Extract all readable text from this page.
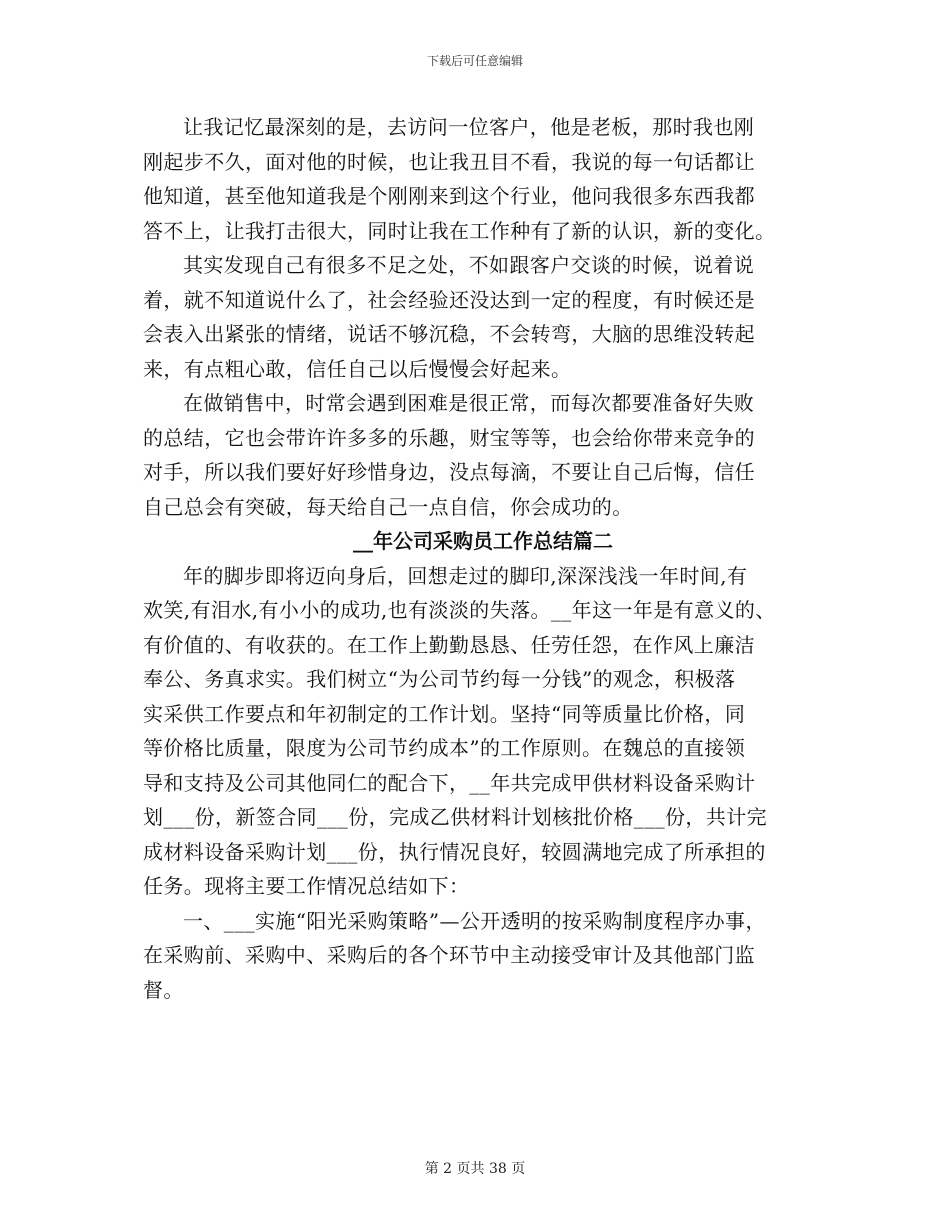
下载后可任意编辑
让我记忆最深刻的是，去访问一位客户，他是老板，那时我也刚
刚起步不久，面对他的时候，也让我丑目不看，我说的每一句话都让
他知道，甚至他知道我是个刚刚来到这个行业，他问我很多东西我都
答不上，让我打击很大，同时让我在工作种有了新的认识，新的变化。
其实发现自己有很多不足之处，不如跟客户交谈的时候，说着说
着，就不知道说什么了，社会经验还没达到一定的程度，有时候还是
会表入出紧张的情绪，说话不够沉稳，不会转弯，大脑的思维没转起
来，有点粗心敢，信任自己以后慢慢会好起来。
在做销售中，时常会遇到困难是很正常，而每次都要准备好失败
的总结，它也会带许许多多的乐趣，财宝等等，也会给你带来竞争的
对手，所以我们要好好珍惜身边，没点每滴，不要让自己后悔，信任
自己总会有突破，每天给自己一点自信，你会成功的。
__年公司采购员工作总结篇二
年的脚步即将迈向身后，回想走过的脚印,深深浅浅一年时间,有
欢笑,有泪水,有小小的成功,也有淡淡的失落。__年这一年是有意义的、
有价值的、有收获的。在工作上勤勤恳恳、任劳任怨，在作风上廉洁
奉公、务真求实。我们树立“为公司节约每一分钱”的观念，积极落
实采供工作要点和年初制定的工作计划。坚持“同等质量比价格，同
等价格比质量，限度为公司节约成本”的工作原则。在魏总的直接领
导和支持及公司其他同仁的配合下，__年共完成甲供材料设备采购计
划___份，新签合同___份，完成乙供材料计划核批价格___份，共计完
成材料设备采购计划___份，执行情况良好，较圆满地完成了所承担的
任务。现将主要工作情况总结如下：
一、___实施“阳光采购策略”—公开透明的按采购制度程序办事，
在采购前、采购中、采购后的各个环节中主动接受审计及其他部门监
督。
第 2 页共 38 页
